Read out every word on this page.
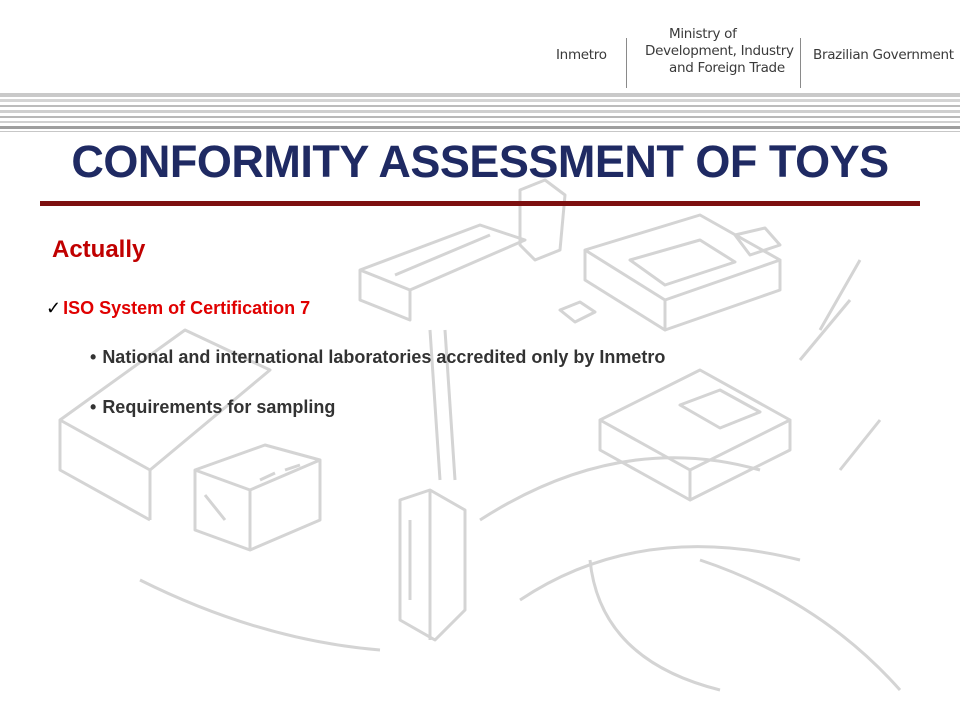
Inmetro
Ministry of
Development, Industry
and Foreign Trade
Brazilian Government
CONFORMITY ASSESSMENT OF TOYS
Actually
✓ ISO System of Certification 7
• National and international laboratories accredited only by Inmetro
• Requirements for sampling
